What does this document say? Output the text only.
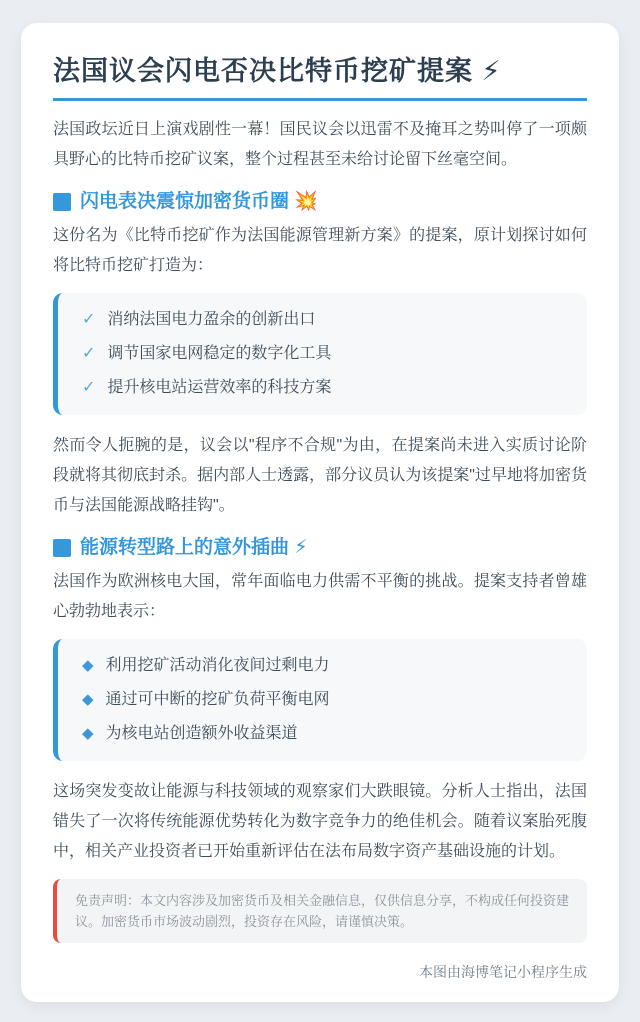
法国议会闪电否决比特币挖矿提案 ⚡

法国政坛近日上演戏剧性一幕！国民议会以迅雷不及掩耳之势叫停了一项颇具野心的比特币挖矿议案，整个过程甚至未给讨论留下丝毫空间。

闪电表决震惊加密货币圈 💥

这份名为《比特币挖矿作为法国能源管理新方案》的提案，原计划探讨如何将比特币挖矿打造为：

✓ 消纳法国电力盈余的创新出口
✓ 调节国家电网稳定的数字化工具
✓ 提升核电站运营效率的科技方案

然而令人扼腕的是，议会以"程序不合规"为由，在提案尚未进入实质讨论阶段就将其彻底封杀。据内部人士透露，部分议员认为该提案"过早地将加密货币与法国能源战略挂钩"。

能源转型路上的意外插曲 ⚡

法国作为欧洲核电大国，常年面临电力供需不平衡的挑战。提案支持者曾雄心勃勃地表示：

◆ 利用挖矿活动消化夜间过剩电力
◆ 通过可中断的挖矿负荷平衡电网
◆ 为核电站创造额外收益渠道

这场突发变故让能源与科技领域的观察家们大跌眼镜。分析人士指出，法国错失了一次将传统能源优势转化为数字竞争力的绝佳机会。随着议案胎死腹中，相关产业投资者已开始重新评估在法布局数字资产基础设施的计划。

免责声明：本文内容涉及加密货币及相关金融信息，仅供信息分享，不构成任何投资建议。加密货币市场波动剧烈，投资存在风险，请谨慎决策。
本图由海博笔记小程序生成
